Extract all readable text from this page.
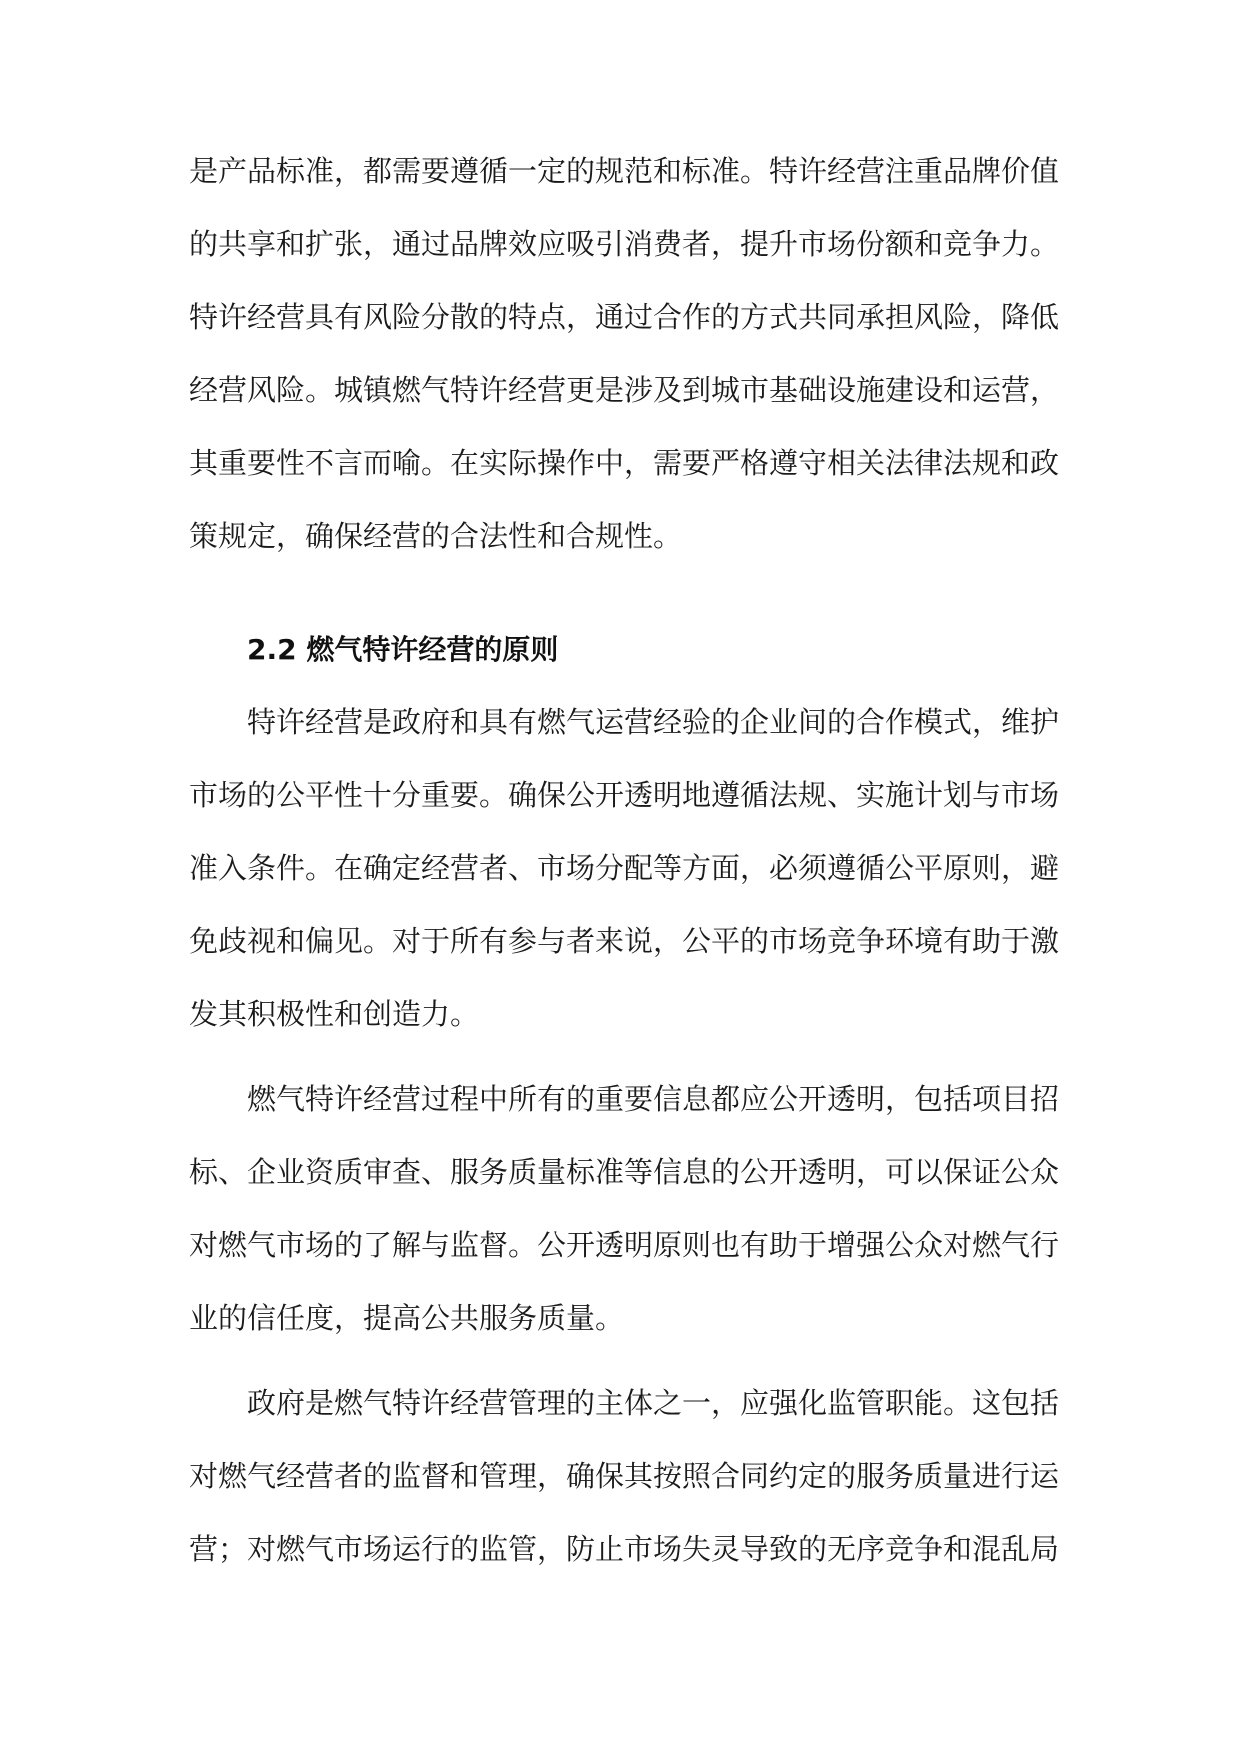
是产品标准，都需要遵循一定的规范和标准。特许经营注重品牌价值
的共享和扩张，通过品牌效应吸引消费者，提升市场份额和竞争力。
特许经营具有风险分散的特点，通过合作的方式共同承担风险，降低
经营风险。城镇燃气特许经营更是涉及到城市基础设施建设和运营，
其重要性不言而喻。在实际操作中，需要严格遵守相关法律法规和政
策规定，确保经营的合法性和合规性。
2.2 燃气特许经营的原则
特许经营是政府和具有燃气运营经验的企业间的合作模式，维护
市场的公平性十分重要。确保公开透明地遵循法规、实施计划与市场
准入条件。在确定经营者、市场分配等方面，必须遵循公平原则，避
免歧视和偏见。对于所有参与者来说，公平的市场竞争环境有助于激
发其积极性和创造力。
燃气特许经营过程中所有的重要信息都应公开透明，包括项目招
标、企业资质审查、服务质量标准等信息的公开透明，可以保证公众
对燃气市场的了解与监督。公开透明原则也有助于增强公众对燃气行
业的信任度，提高公共服务质量。
政府是燃气特许经营管理的主体之一，应强化监管职能。这包括
对燃气经营者的监督和管理，确保其按照合同约定的服务质量进行运
营；对燃气市场运行的监管，防止市场失灵导致的无序竞争和混乱局
